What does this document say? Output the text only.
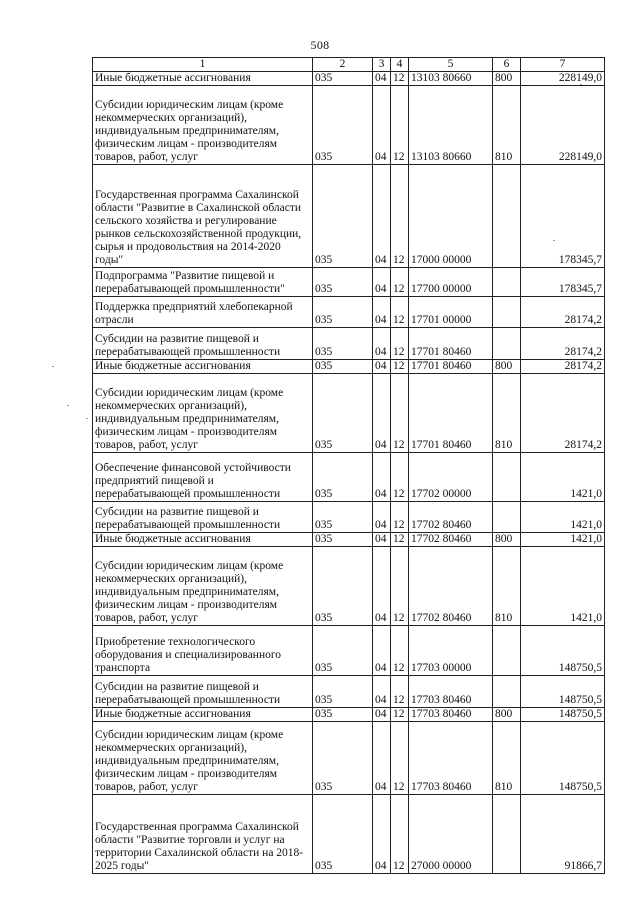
508
1	2	3	4	5	6	7
Иные бюджетные ассигнования	035	04	12	13103 80660	800	228149,0
Субсидии юридическим лицам (кроме некоммерческих организаций), индивидуальным предпринимателям, физическим лицам - производителям товаров, работ, услуг	035	04	12	13103 80660	810	228149,0
Государственная программа Сахалинской области "Развитие в Сахалинской области сельского хозяйства и регулирование рынков сельскохозяйственной продукции, сырья и продовольствия на 2014-2020 годы"	035	04	12	17000 00000		178345,7
Подпрограмма "Развитие пищевой и перерабатывающей промышленности"	035	04	12	17700 00000		178345,7
Поддержка предприятий хлебопекарной отрасли	035	04	12	17701 00000		28174,2
Субсидии на развитие пищевой и перерабатывающей промышленности	035	04	12	17701 80460		28174,2
Иные бюджетные ассигнования	035	04	12	17701 80460	800	28174,2
Субсидии юридическим лицам (кроме некоммерческих организаций), индивидуальным предпринимателям, физическим лицам - производителям товаров, работ, услуг	035	04	12	17701 80460	810	28174,2
Обеспечение финансовой устойчивости предприятий пищевой и перерабатывающей промышленности	035	04	12	17702 00000		1421,0
Субсидии на развитие пищевой и перерабатывающей промышленности	035	04	12	17702 80460		1421,0
Иные бюджетные ассигнования	035	04	12	17702 80460	800	1421,0
Субсидии юридическим лицам (кроме некоммерческих организаций), индивидуальным предпринимателям, физическим лицам - производителям товаров, работ, услуг	035	04	12	17702 80460	810	1421,0
Приобретение технологического оборудования и специализированного транспорта	035	04	12	17703 00000		148750,5
Субсидии на развитие пищевой и перерабатывающей промышленности	035	04	12	17703 80460		148750,5
Иные бюджетные ассигнования	035	04	12	17703 80460	800	148750,5
Субсидии юридическим лицам (кроме некоммерческих организаций), индивидуальным предпринимателям, физическим лицам - производителям товаров, работ, услуг	035	04	12	17703 80460	810	148750,5
Государственная программа Сахалинской области "Развитие торговли и услуг на территории Сахалинской области на 2018-2025 годы"	035	04	12	27000 00000		91866,7
